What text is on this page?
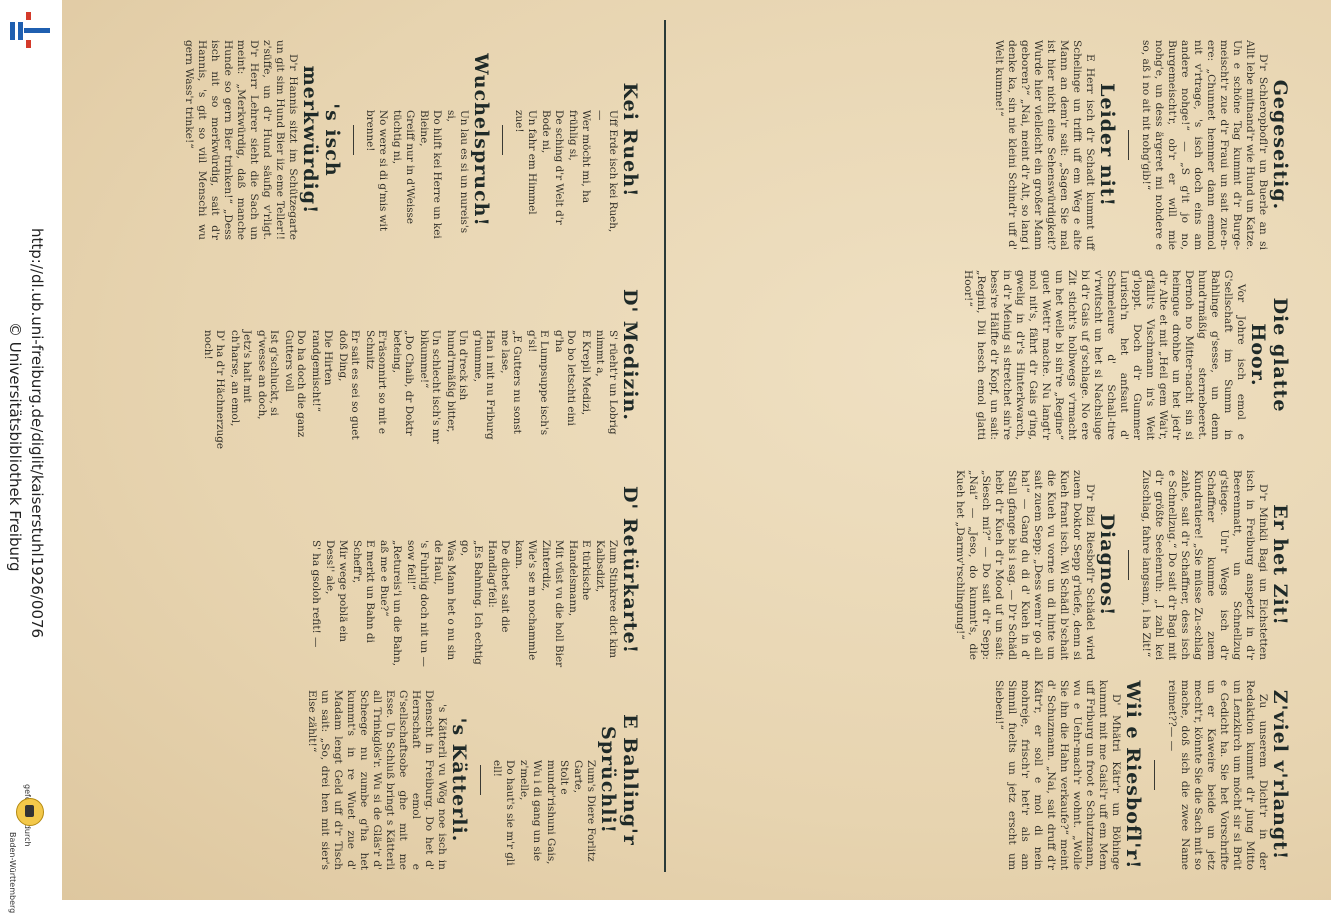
http://dl.ub.uni-freiburg.de/diglit/kaiserstuhl1926/0076
© Universitätsbibliothek Freiburg
Baden-Württemberg
Gegeseitig.

D'r Schleropbofl'r un Buerle an si Allt lebe mitnand'r wie Hund un Katze. Un e schöne Tag kummt d'r Burge-meischt'r zue d'r Fraui un sait zue-n-ere: „Chunnet hemmer dann emmol nit v'rtrage, 's isch doch eins am andere nohge!“ — „S g'it jo no, Burgemeischt'r, ob'r er will mie nohg'e, un dess ärgeret mi nohdere e so, aß i no ait nit nohg'gib!“

Leider nit!

E Herr isch d'r Schadt kummt uff Schelinge un trifft uff em Weg e alte Mann an dem'r sait: „Sagen Sie mal ist hier nicht eine Sehenswürdigkeit? Wurde hier vielleicht ein großer Mann geboren?“ „Nai, meint d'r Alt, so lang i denke ka, sin nie kleini Schind'r uff d' Welt kumme!“

Die glatte Hoor.

Vor Johre isch emol e G'sellschaft im Summ in Bahlinge g'sesse, un denn hund'rmäßig sternebeeret. Dernoh no Mitter-nacht sin si heimgue drohbe un het jed'r d'r Alte et mit „Heil gem Wai'r, g'fällt's Vischmann in's Weit g'loppt. Doch d'r Gummer Lurisch'n het anfsaut d' Schmeleure d' Schall-tire v'rwitscht un het si Nachsluge bi d'r Gais uf g'schlage. No ere Zit sticht's holbwegs v'rmacht un het welle bi sin're „Regine“ guet Wett'r mache. Nu langt'r mol nit's, fährt d'r Gais g'ing, gwelig in d'r's Hinterkwarch, in d'r Meinig si stretchet sin're bess're Hälfte d'r Kopf, un sait: „Regini, Dii hesch emol glatti Hoor!“

Er het Zit!

D'r Minkli Bagi un Eichstetten isch in Freiburg anspetzt in d'r Beerenmatt, un Schnellzug g'stiege. Un'r Wegs isch d'r Schaffner kumme zuem Kundratiere! „Sie müsse Zu-schlag zahle, sait d'r Schaffner, dess isch e Schnellzug.“ Do sait d'r Bagi mit d'r größte Seelenruh: „I zahl kei Zuschlag, fahre langsam, i ha Zit!“

Diagnos!

D'r Bizi Riesbofl'r Schädel wird zuem Doktor Sepp g'rüefe, denn si Kueh frant isch. Wi Schädl b'schait die Kueh vu vorne un di hinte un sait zuem Sepp: „Dess wem'r go all ha!“ — Gang du di d' Kueh in d' Stall gfange bis i sag. — D'r Schädl hebt d'r Kueh d'r Mood uf un sait: „Siesch mi?“ — Do sait d'r Sepp: „Nai“ — „Jeso, do kummt's, die Kueh het „Darmv'rschlingung!“

Z'viel v'rlangt!

Zu unserem Dicht'r in der Redaktion kummt d'r jung Mitto un Lenzkirch um möcht sir si Brüt e Gedicht ha. Sie het Vorschrifte un er Kaweire beide un jetz mecht'r, könnte Sie die Sach mit so mache, doß sich die zwee Name reimet??— —

Wii e Riesbofl'r!

D' Mhätri Kätr'r un Böhinge kummt mit me Gaisl'r uff em Mem uff Friburg un froot e Schutzmann, wu e Uehr-mach'r wohnt. „Wolle Sie ihn die Hahn verkaufe?“ meint d' Schuzmann. „Nai, sait druff d'r Kätr'r, er soll e mol di nein mohreje, frisch'r het'r als am Simnil fuelts un jetz erscht um Siebeni!“

Kei Rueh!

Uff Erde isch kei Rueh, —

Wer möcht mi, ha frühlig si,

De sching d'r Welt d'r Bode ni,

Un fahr em Himmel zue!

Wuchelspruch!

Un lau es si un nureis's si,

Do hilft kei Herre un kei Bleine,

Greiff nur in d'Weisse tüchtig ni,

No were si di g'mis wit brenne!

's isch merkwürdig!

D'r Hannis sitzt im Schützegarte un git sim Hund Bier iiz eme Teller!! z'süffe, un d'r Hund säufig v'rligt. D'r Herr Lehrer sieht die Sach un meint: „Merkwürdig, daß manche Hunde so gern Bier trinken!“ „Dess isch nit so merkwürdig, sait d'r Hannis, 's git so viil Menschi wu gern Wass'r trinke!“

D' Medizin.

S' rüeht'r un Lobrig nimmt a,

E Krepli Medizi,

Do bo letschti eini g'ha

E Lumpsuppe isch's g'si!

„E Gutters nu sonst me lase,

Han i mit nu Friburg g'numme,

Un d'reck ish hund'rmäßig bitter,

Un schlecht isch's mr bikumme!“

„Do Chaib, dr Doktr beteing,

E'räsonnirt so mit e Schnitz

Er sait es sei so guet doß Ding,

Die Hirten randgemischt!“

Do ha doch die ganz Gutters voll

Ist g'schluckt, si g'wesse an doch,

Jetz's halt mit ch'harse, an emol,

D' ha d'r Hächnerzuge noch!

D' Retürkarte!

Zum Stinkree dict kim Kalbsdizt,

E türkische Handelsmann,

Mit vüst vu die holl Bier Zinterdiz,

Wie's se m nochammle kann.

De dichet sait die Handlag'feil:

„Es Bahning. Ich echtig go,

Was Mann het o nu sin de Haul,

's Fuhrlig doch nit un — sow feil!“

„Retureis'i un die Bahn, aß me e Bue?“

E merkt un Bahn di Scheff'r,

Mir wege poblä ein Dess!' ale,

S' ha gsoloh refit! —

E Bahling'r Sprüchli!

Zum's Diere Forlitz Garte,

Stolt e mundr'rishuni Gais,

Wu i di gang un sie z'melle,

Do haut's sie m'r gli ell!

's Kätterli.

's Kätterli vu Wög noe isch in Dienscht in Freiburg. Do het d' Herrschaft emol e G'sellschaftsobe ghe mit me Esse. Un Schluß bringt s Kätterli all Trinkglös'r. Wu si de Gläs'r d' Scheege nu zumbe g'ha het kummt's in re Wuet zue d' Madam lengt Geld uff d'r Tisch un sait: „So, drei hen mit sier's Else zählt!“
